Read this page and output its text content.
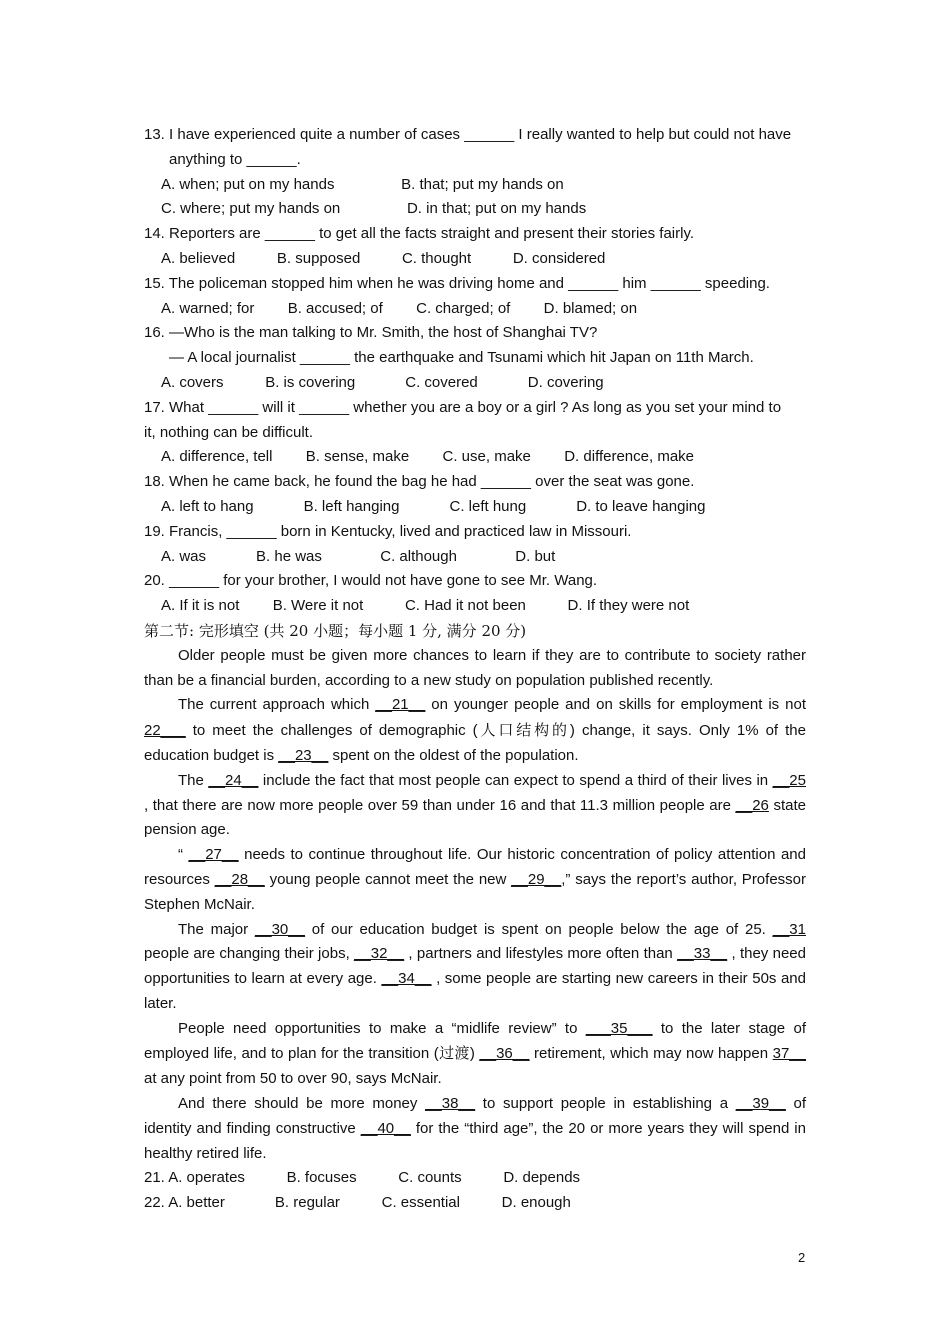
13. I have experienced quite a number of cases ______ I really wanted to help but could not have
anything to ______.
A. when; put on my hands                B. that; put my hands on
C. where; put my hands on                D. in that; put on my hands
14. Reporters are ______ to get all the facts straight and present their stories fairly.
A. believed          B. supposed          C. thought          D. considered
15. The policeman stopped him when he was driving home and ______ him ______ speeding.
A. warned; for        B. accused; of        C. charged; of        D. blamed; on
16. —Who is the man talking to Mr. Smith, the host of Shanghai TV?
— A local journalist ______ the earthquake and Tsunami which hit Japan on 11th March.
A. covers          B. is covering            C. covered            D. covering
17. What ______ will it ______ whether you are a boy or a girl ? As long as you set your mind to
it, nothing can be difficult.
A. difference, tell        B. sense, make        C. use, make        D. difference, make
18. When he came back, he found the bag he had ______ over the seat was gone.
A. left to hang            B. left hanging            C. left hung            D. to leave hanging
19. Francis, ______ born in Kentucky, lived and practiced law in Missouri.
A. was            B. he was              C. although              D. but
20. ______ for your brother, I would not have gone to see Mr. Wang.
A. If it is not        B. Were it not          C. Had it not been          D. If they were not
第二节: 完形填空 (共 20 小题；每小题 1 分, 满分 20 分)
Older people must be given more chances to learn if they are to contribute to society rather than be a financial burden, according to a new study on population published recently.
The current approach which __21__ on younger people and on skills for employment is not 22___ to meet the challenges of demographic (人口结构的) change, it says. Only 1% of the education budget is __23__ spent on the oldest of the population.
The __24__ include the fact that most people can expect to spend a third of their lives in __25 , that there are now more people over 59 than under 16 and that 11.3 million people are __26 state pension age.
“ __27__ needs to continue throughout life. Our historic concentration of policy attention and resources __28__ young people cannot meet the new __29__,” says the report’s author, Professor Stephen McNair.
The major __30__ of our education budget is spent on people below the age of 25. __31 people are changing their jobs, __32__ , partners and lifestyles more often than __33__ , they need opportunities to learn at every age. __34__ , some people are starting new careers in their 50s and later.
People need opportunities to make a “midlife review” to ___35___ to the later stage of employed life, and to plan for the transition (过渡) __36__ retirement, which may now happen 37__ at any point from 50 to over 90, says McNair.
And there should be more money __38__ to support people in establishing a __39__ of identity and finding constructive __40__ for the “third age”, the 20 or more years they will spend in healthy retired life.
21. A. operates          B. focuses          C. counts          D. depends
22. A. better            B. regular          C. essential          D. enough
2
